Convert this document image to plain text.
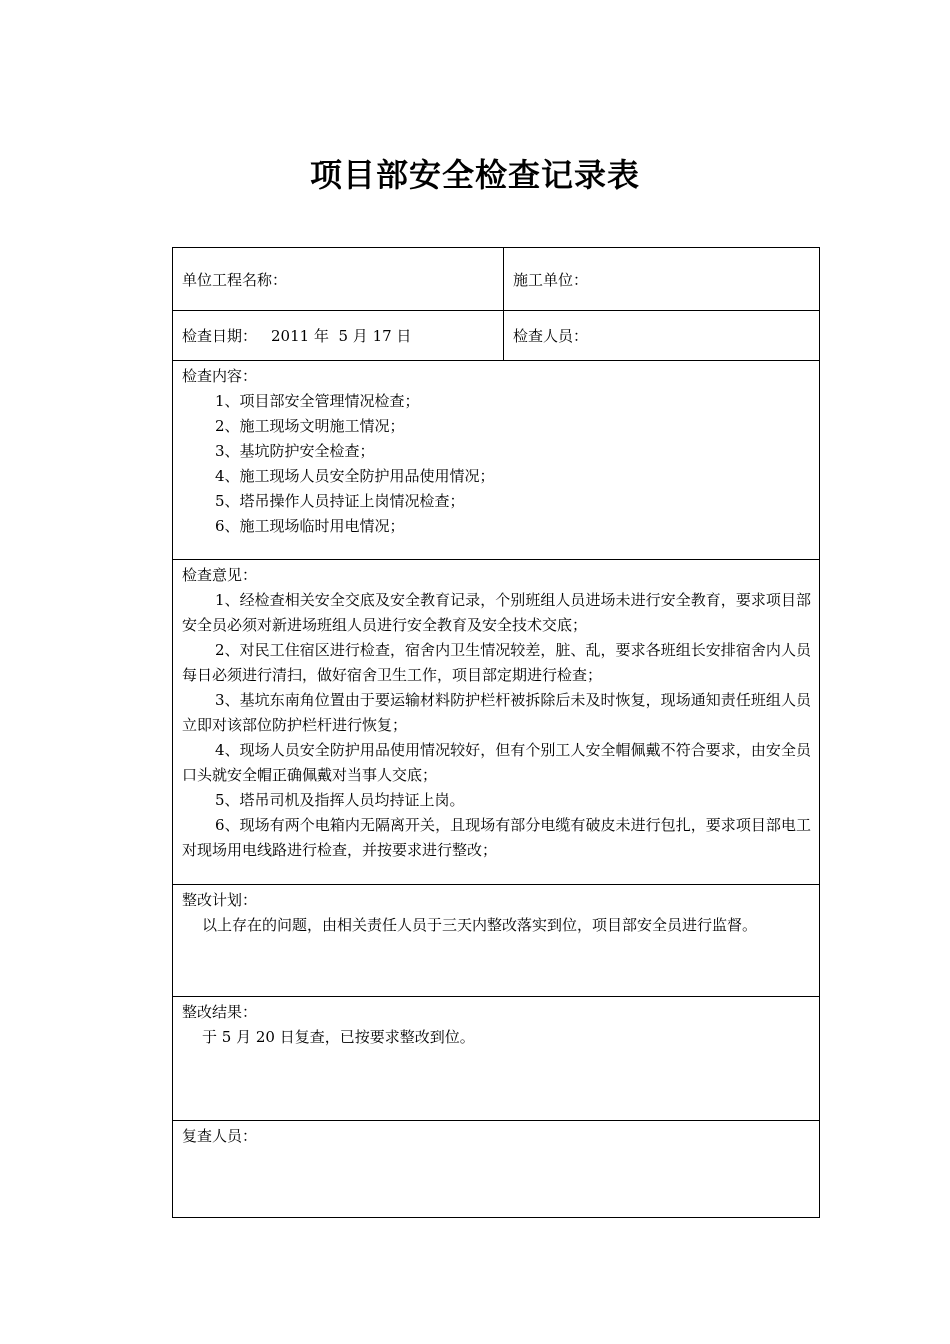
项目部安全检查记录表
单位工程名称：	施工单位：
检查日期： 2011 年  5 月 17 日	检查人员：
检查内容：
1、项目部安全管理情况检查；
2、施工现场文明施工情况；
3、基坑防护安全检查；
4、施工现场人员安全防护用品使用情况；
5、塔吊操作人员持证上岗情况检查；
6、施工现场临时用电情况；
检查意见：
1、经检查相关安全交底及安全教育记录，个别班组人员进场未进行安全教育，要求项目部安全员必须对新进场班组人员进行安全教育及安全技术交底；
2、对民工住宿区进行检查，宿舍内卫生情况较差，脏、乱，要求各班组长安排宿舍内人员每日必须进行清扫，做好宿舍卫生工作，项目部定期进行检查；
3、基坑东南角位置由于要运输材料防护栏杆被拆除后未及时恢复，现场通知责任班组人员立即对该部位防护栏杆进行恢复；
4、现场人员安全防护用品使用情况较好，但有个别工人安全帽佩戴不符合要求，由安全员口头就安全帽正确佩戴对当事人交底；
5、塔吊司机及指挥人员均持证上岗。
6、现场有两个电箱内无隔离开关，且现场有部分电缆有破皮未进行包扎，要求项目部电工对现场用电线路进行检查，并按要求进行整改；
整改计划：
以上存在的问题，由相关责任人员于三天内整改落实到位，项目部安全员进行监督。
整改结果：
于 5 月 20 日复查，已按要求整改到位。
复查人员：
